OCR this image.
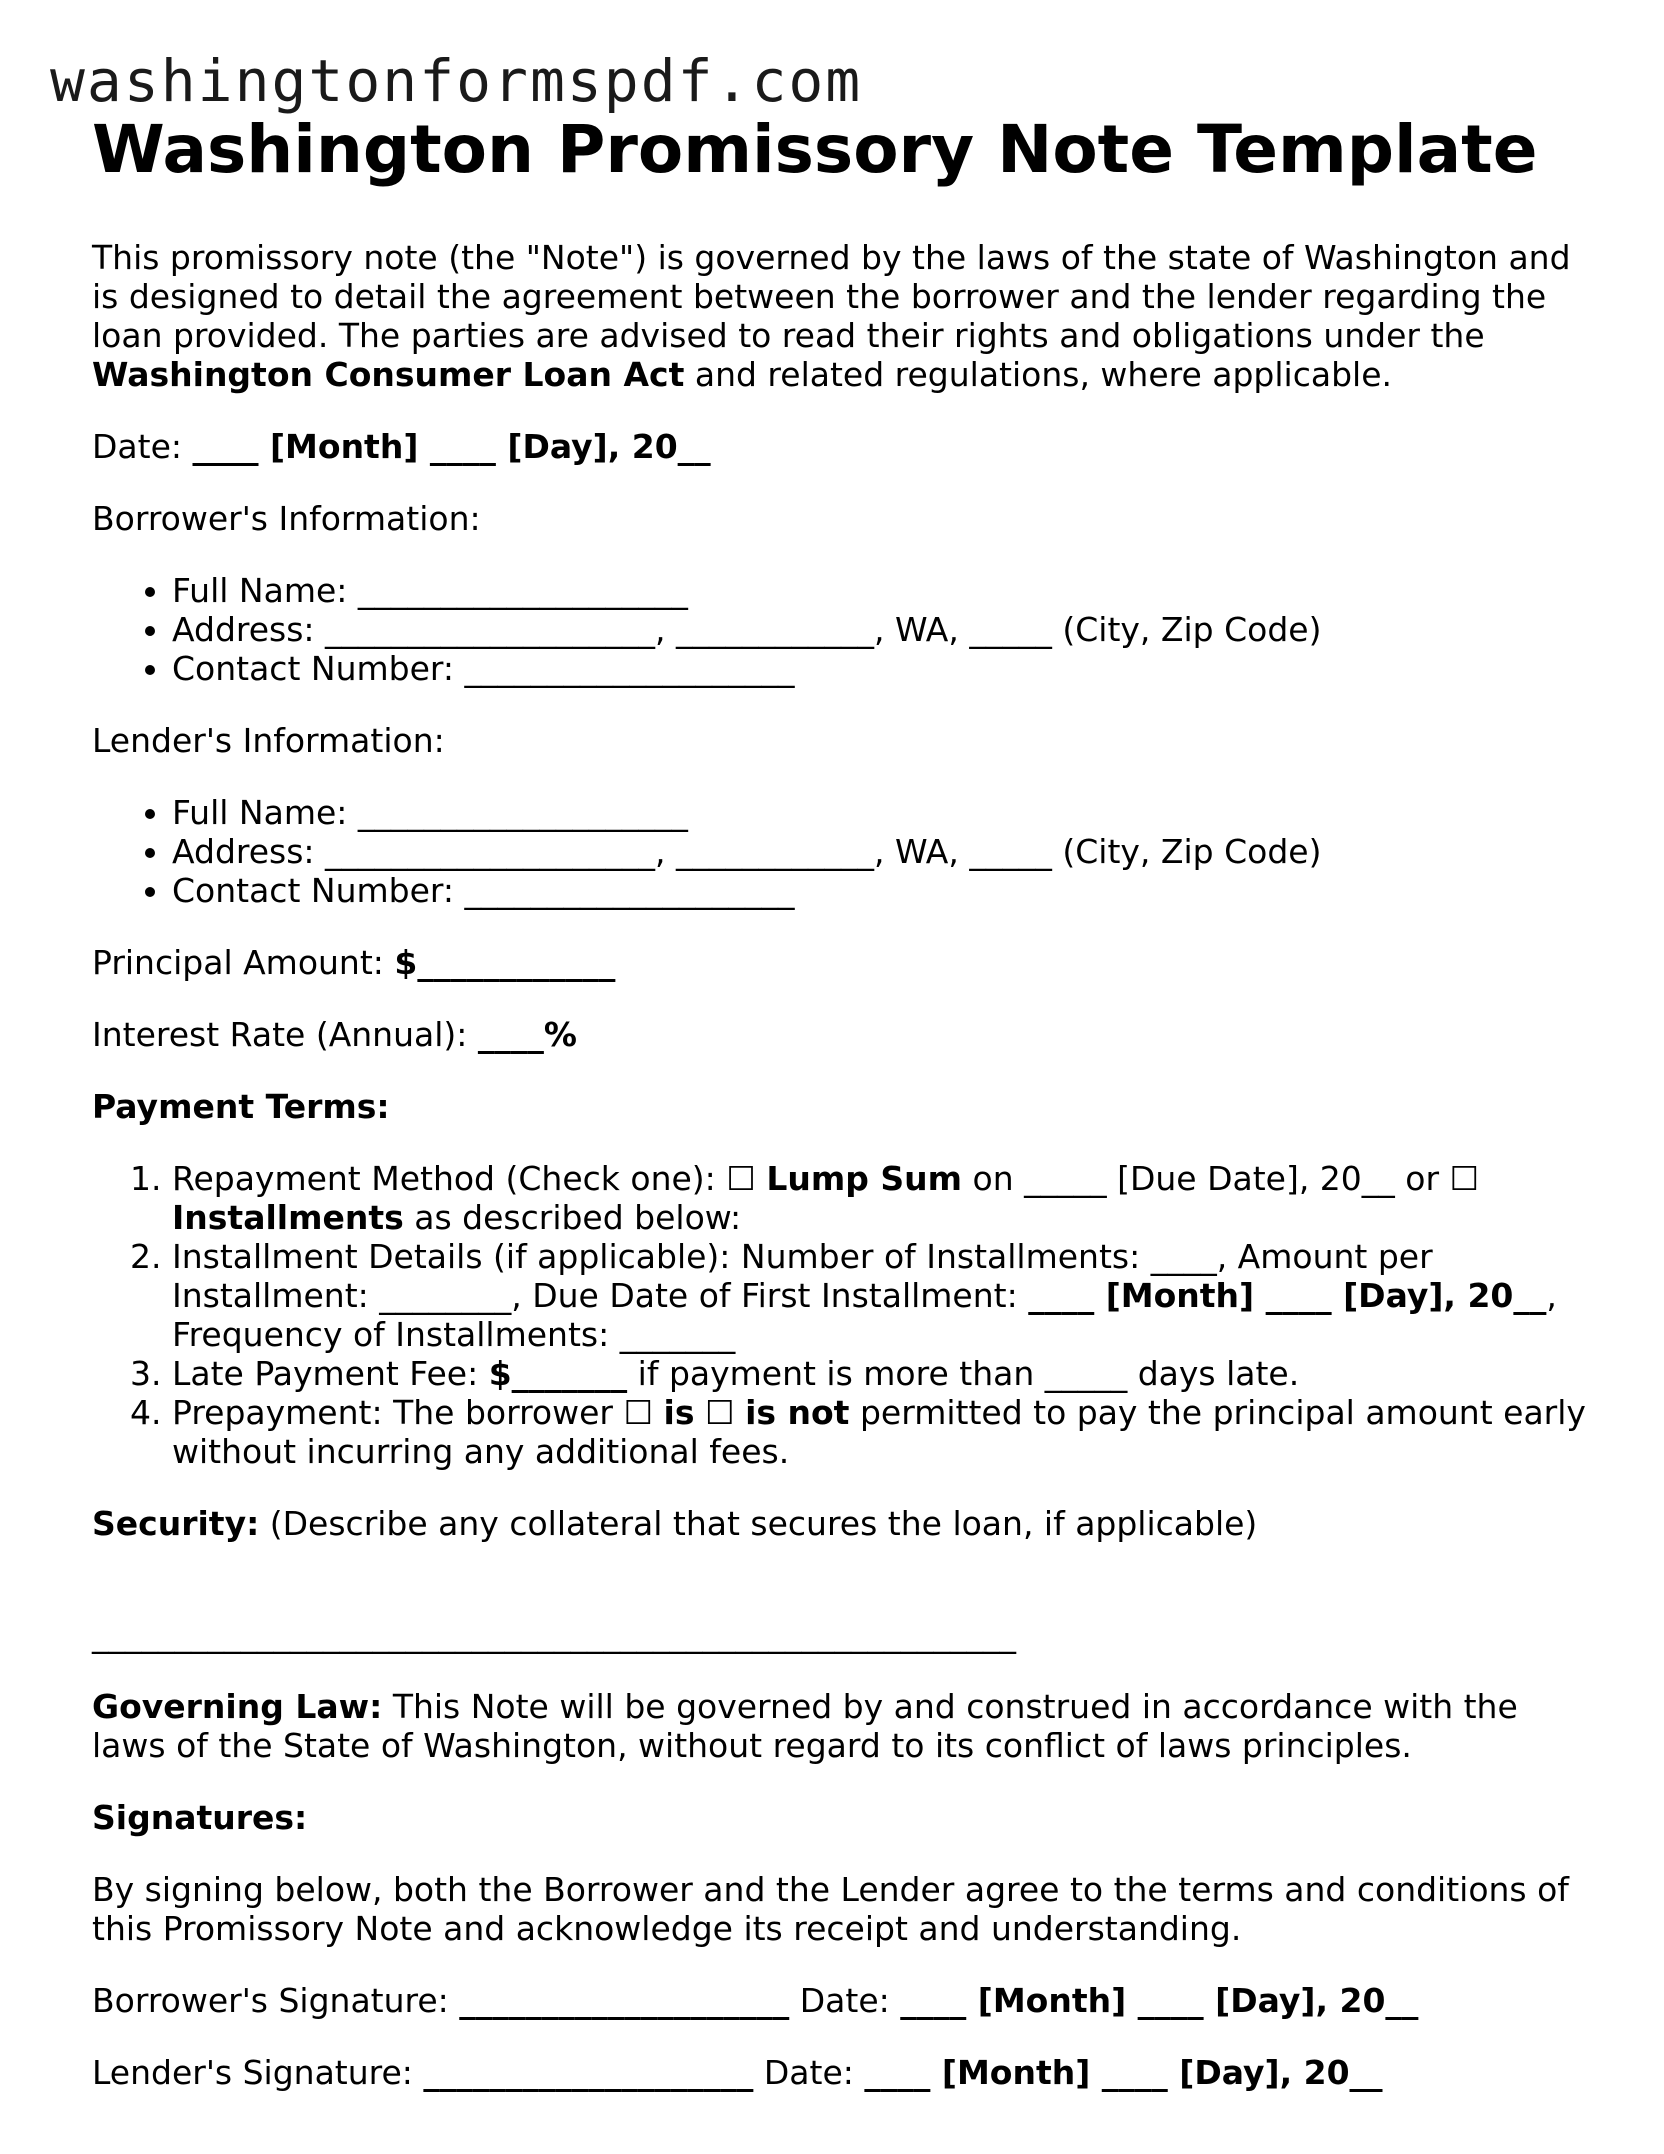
washingtonformspdf.com
Washington Promissory Note Template

This promissory note (the "Note") is governed by the laws of the state of Washington and is designed to detail the agreement between the borrower and the lender regarding the loan provided. The parties are advised to read their rights and obligations under the Washington Consumer Loan Act and related regulations, where applicable.

Date: ____ [Month] ____ [Day], 20__

Borrower's Information:

• Full Name: ____________________
• Address: ____________________, ____________, WA, _____ (City, Zip Code)
• Contact Number: ____________________

Lender's Information:

• Full Name: ____________________
• Address: ____________________, ____________, WA, _____ (City, Zip Code)
• Contact Number: ____________________

Principal Amount: $____________

Interest Rate (Annual): ____%

Payment Terms:

1. Repayment Method (Check one): ☐ Lump Sum on _____ [Due Date], 20__ or ☐ Installments as described below:
2. Installment Details (if applicable): Number of Installments: ____, Amount per Installment: ________, Due Date of First Installment: ____ [Month] ____ [Day], 20__, Frequency of Installments: _______
3. Late Payment Fee: $_______ if payment is more than _____ days late.
4. Prepayment: The borrower ☐ is ☐ is not permitted to pay the principal amount early without incurring any additional fees.

Security: (Describe any collateral that secures the loan, if applicable)

________________________________________________________

Governing Law: This Note will be governed by and construed in accordance with the laws of the State of Washington, without regard to its conflict of laws principles.

Signatures:

By signing below, both the Borrower and the Lender agree to the terms and conditions of this Promissory Note and acknowledge its receipt and understanding.

Borrower's Signature: ____________________ Date: ____ [Month] ____ [Day], 20__

Lender's Signature: ____________________ Date: ____ [Month] ____ [Day], 20__
